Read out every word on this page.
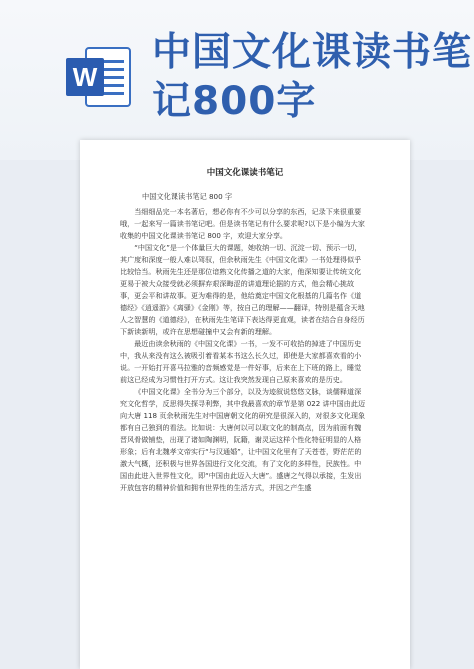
W
中国文化课读书笔
记800字
中国文化课读书笔记
中国文化课读书笔记 800 字

当细细品完一本名著后，想必你有不少可以分享的东西，记录下来很重要哦，一起来写一篇读书笔记吧。但是读书笔记有什么要求呢?以下是小编为大家收集的中国文化课读书笔记 800 字，欢迎大家分享。

“中国文化”是一个体量巨大的课题，她收纳一切、沉淀一切、预示一切，其广度和深度一般人难以驾驭，但余秋雨先生《中国文化课》一书处理得似乎比较恰当。秋雨先生还是那位谙熟文化传播之道的大家，他深知要让传统文化更易于被大众接受就必须摒弃艰深晦涩的讲道理论据的方式，他会精心挑故事，更会平和讲故事。更为难得的是，他给奠定中国文化根基的几篇名作《道德经》《逍遥游》《离骚》《金刚》等，按自己的理解——翻译，特别是蕴含天地人之智慧的《道德经》，在秋雨先生笔译下表达得更直观，读者在结合自身经历下新读新明，或许在思想碰撞中又会有新的理解。

最近由读余秋雨的《中国文化课》一书，一发不可收拾的掉进了中国历史中，我从来没有这么被吸引着看某本书这么长久过，即使是大家都喜欢看的小说。一开始打开喜马拉雅的音频感觉是一件好事，后来在上下班的路上，睡觉前这已经成为习惯性打开方式。这让我突然发现自己原来喜欢的是历史。

《中国文化课》全书分为三个部分，以及为迹叙说悠悠文脉，谈儒释道深究文化哲学，反思得失探寻利弊，其中我最喜欢的章节是第 022 讲中国由此迈向大唐 118 页余秋雨先生对中国唐朝文化的研究是很深入的，对很多文化现象都有自己独到的看法。比如说：大唐何以可以取文化的制高点，因为前面有魏晋风骨做铺垫，出现了诸如陶渊明，阮籍，谢灵运这样个性化特征明显的人格形象；后有北魏孝文帝实行“与汉通婚”，让中国文化里有了天苍苍，野茫茫的激大气概，还积极与世界各国进行文化交流，有了文化的多样性，民族性。中国由此进入世界性文化，即“中国由此迈入大唐”。盛唐之气得以承接，生发出开放包容的精神价值和拥有世界性的生活方式，并因之产生盛
